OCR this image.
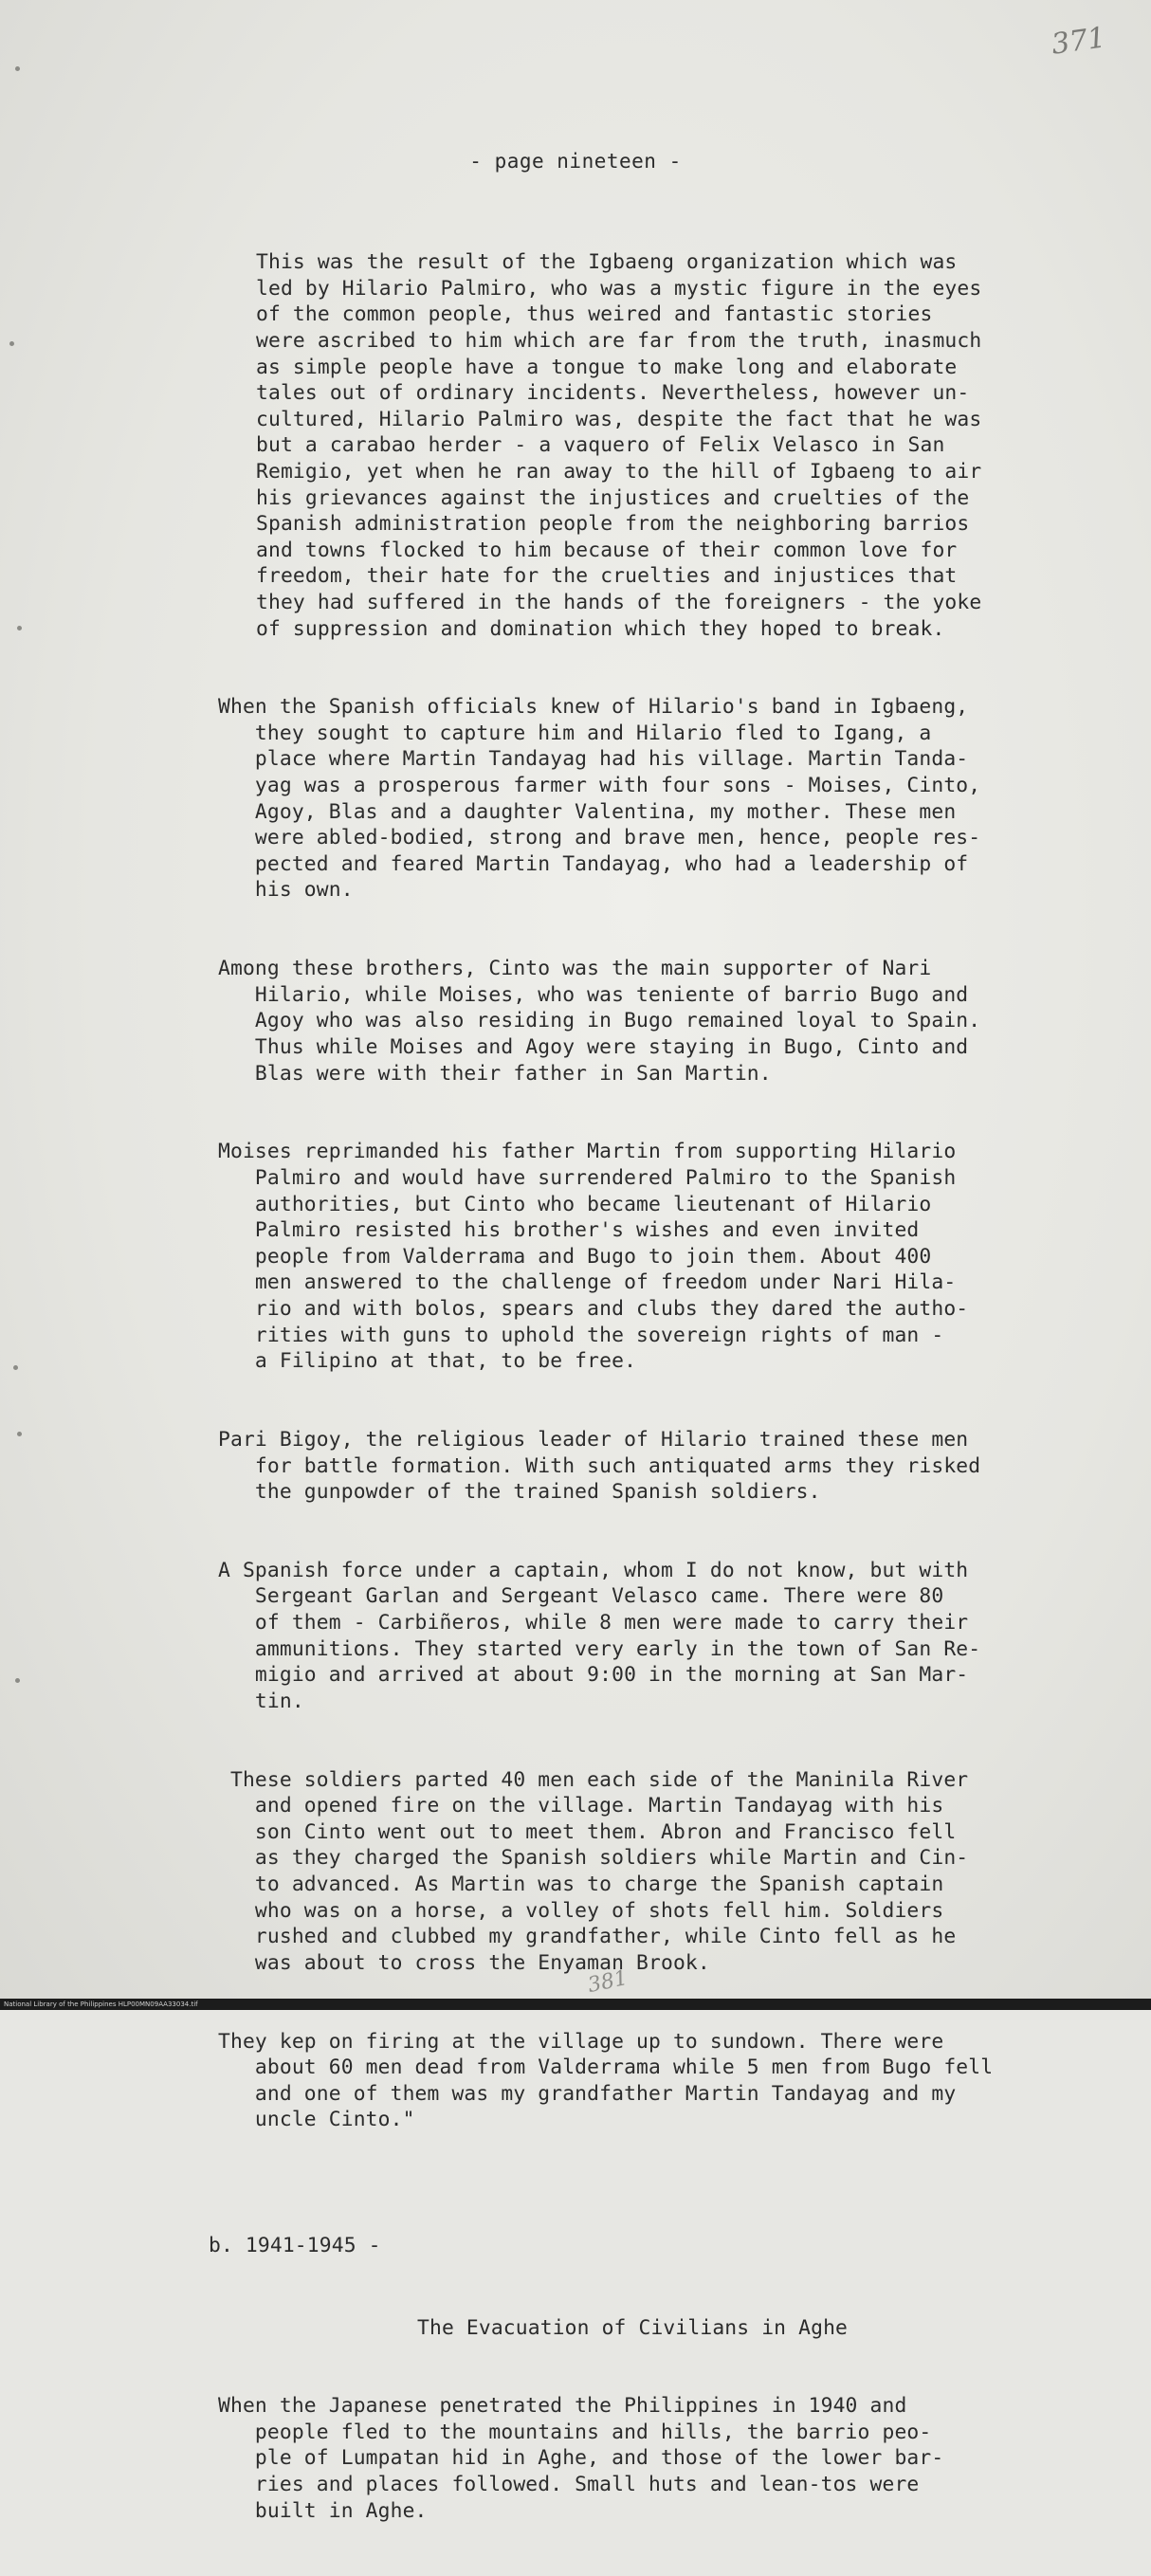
371
- page nineteen -

This was the result of the Igbaeng organization which was
led by Hilario Palmiro, who was a mystic figure in the eyes
of the common people, thus weired and fantastic stories
were ascribed to him which are far from the truth, inasmuch
as simple people have a tongue to make long and elaborate
tales out of ordinary incidents. Nevertheless, however un-
cultured, Hilario Palmiro was, despite the fact that he was
but a carabao herder - a vaquero of Felix Velasco in San
Remigio, yet when he ran away to the hill of Igbaeng to air
his grievances against the injustices and cruelties of the
Spanish administration people from the neighboring barrios
and towns flocked to him because of their common love for
freedom, their hate for the cruelties and injustices that
they had suffered in the hands of the foreigners - the yoke
of suppression and domination which they hoped to break.

When the Spanish officials knew of Hilario's band in Igbaeng,
they sought to capture him and Hilario fled to Igang, a
place where Martin Tandayag had his village. Martin Tanda-
yag was a prosperous farmer with four sons - Moises, Cinto,
Agoy, Blas and a daughter Valentina, my mother. These men
were abled-bodied, strong and brave men, hence, people res-
pected and feared Martin Tandayag, who had a leadership of
his own.

Among these brothers, Cinto was the main supporter of Nari
Hilario, while Moises, who was teniente of barrio Bugo and
Agoy who was also residing in Bugo remained loyal to Spain.
Thus while Moises and Agoy were staying in Bugo, Cinto and
Blas were with their father in San Martin.

Moises reprimanded his father Martin from supporting Hilario
Palmiro and would have surrendered Palmiro to the Spanish
authorities, but Cinto who became lieutenant of Hilario
Palmiro resisted his brother's wishes and even invited
people from Valderrama and Bugo to join them. About 400
men answered to the challenge of freedom under Nari Hila-
rio and with bolos, spears and clubs they dared the autho-
rities with guns to uphold the sovereign rights of man -
a Filipino at that, to be free.

Pari Bigoy, the religious leader of Hilario trained these men
for battle formation. With such antiquated arms they risked
the gunpowder of the trained Spanish soldiers.

A Spanish force under a captain, whom I do not know, but with
Sergeant Garlan and Sergeant Velasco came. There were 80
of them - Carbiñeros, while 8 men were made to carry their
ammunitions. They started very early in the town of San Re-
migio and arrived at about 9:00 in the morning at San Mar-
tin.

These soldiers parted 40 men each side of the Maninila River
and opened fire on the village. Martin Tandayag with his
son Cinto went out to meet them. Abron and Francisco fell
as they charged the Spanish soldiers while Martin and Cin-
to advanced. As Martin was to charge the Spanish captain
who was on a horse, a volley of shots fell him. Soldiers
rushed and clubbed my grandfather, while Cinto fell as he
was about to cross the Enyaman Brook.

They kep on firing at the village up to sundown. There were
about 60 men dead from Valderrama while 5 men from Bugo fell
and one of them was my grandfather Martin Tandayag and my
uncle Cinto."

b. 1941-1945 -

The Evacuation of Civilians in Aghe

When the Japanese penetrated the Philippines in 1940 and
people fled to the mountains and hills, the barrio peo-
ple of Lumpatan hid in Aghe, and those of the lower bar-
ries and places followed. Small huts and lean-tos were
built in Aghe.

381
National Library of the Philippines HLP00MN09AA33034.tif
